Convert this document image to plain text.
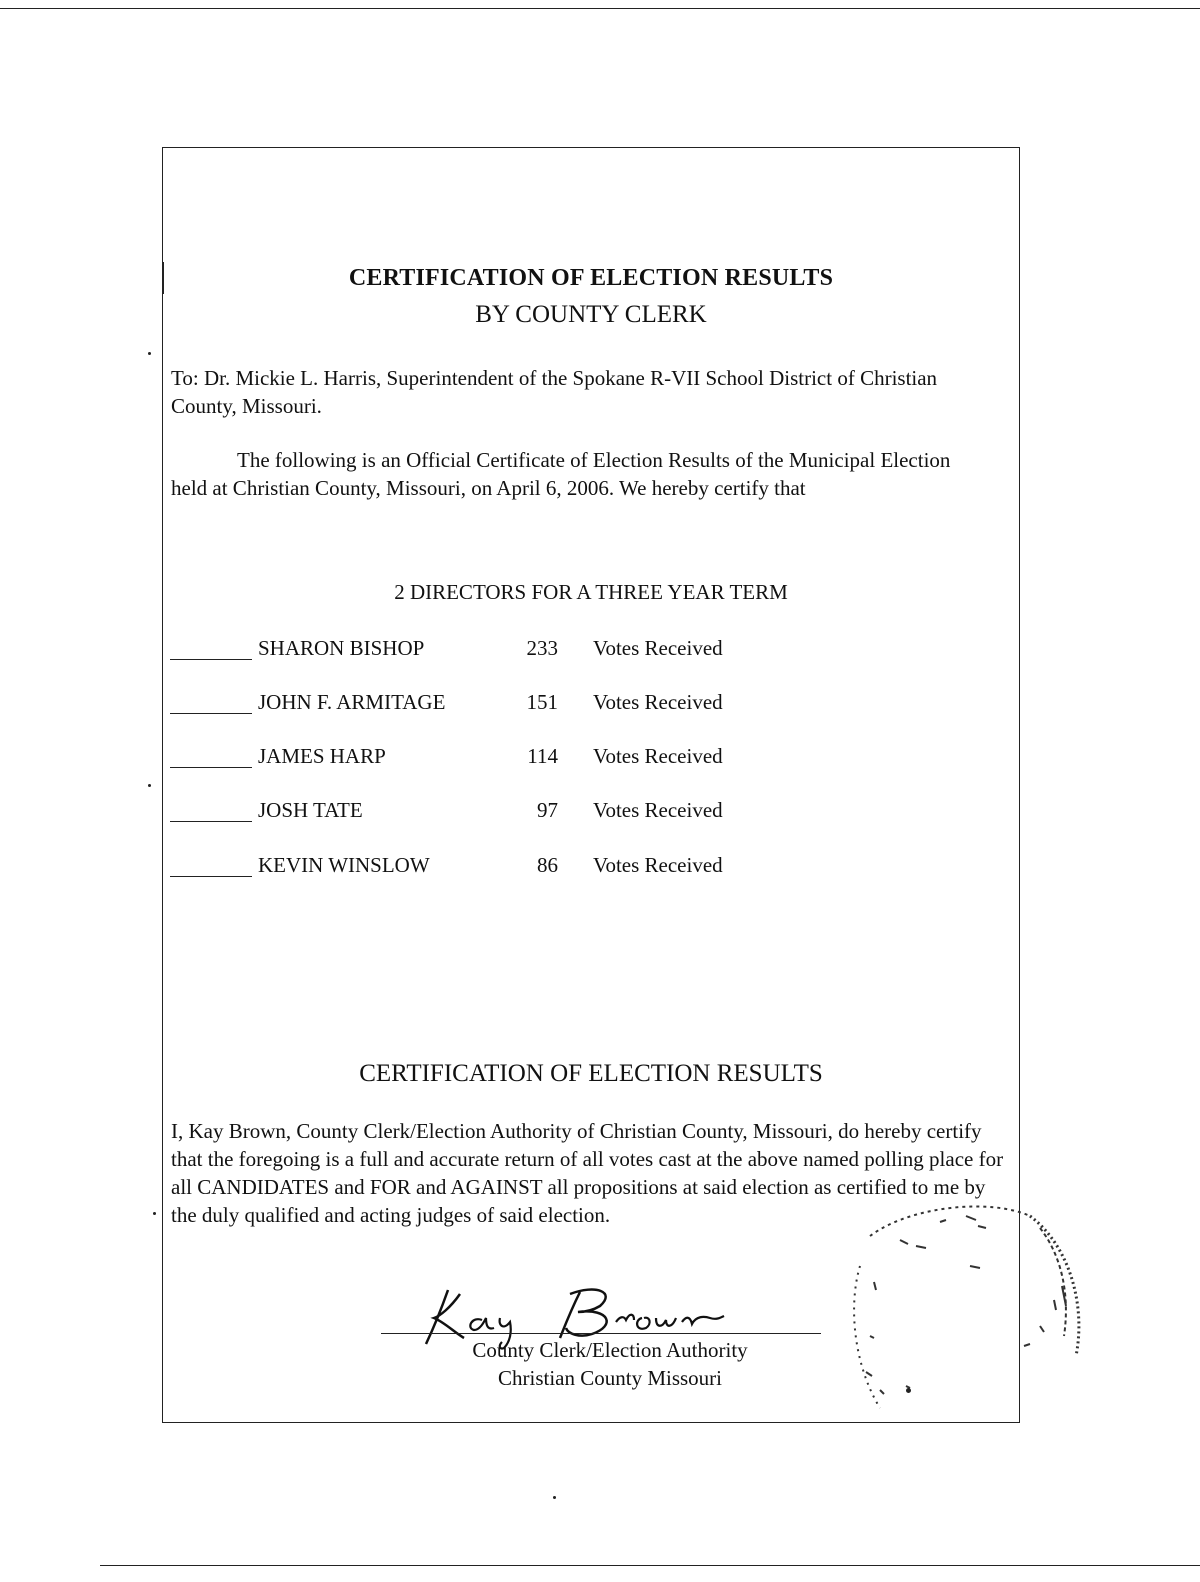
CERTIFICATION OF ELECTION RESULTS
BY COUNTY CLERK
To: Dr. Mickie L. Harris, Superintendent of the Spokane R-VII School District of Christian County, Missouri.
The following is an Official Certificate of Election Results of the Municipal Election held at Christian County, Missouri, on April 6, 2006. We hereby certify that
2 DIRECTORS FOR A THREE YEAR TERM
SHARON BISHOP	233 Votes Received
JOHN F. ARMITAGE	151 Votes Received
JAMES HARP	114 Votes Received
JOSH TATE	97 Votes Received
KEVIN WINSLOW	86 Votes Received
CERTIFICATION OF ELECTION RESULTS
I, Kay Brown, County Clerk/Election Authority of Christian County, Missouri, do hereby certify that the foregoing is a full and accurate return of all votes cast at the above named polling place for all CANDIDATES and FOR and AGAINST all propositions at said election as certified to me by the duly qualified and acting judges of said election.
County Clerk/Election Authority
Christian County Missouri
